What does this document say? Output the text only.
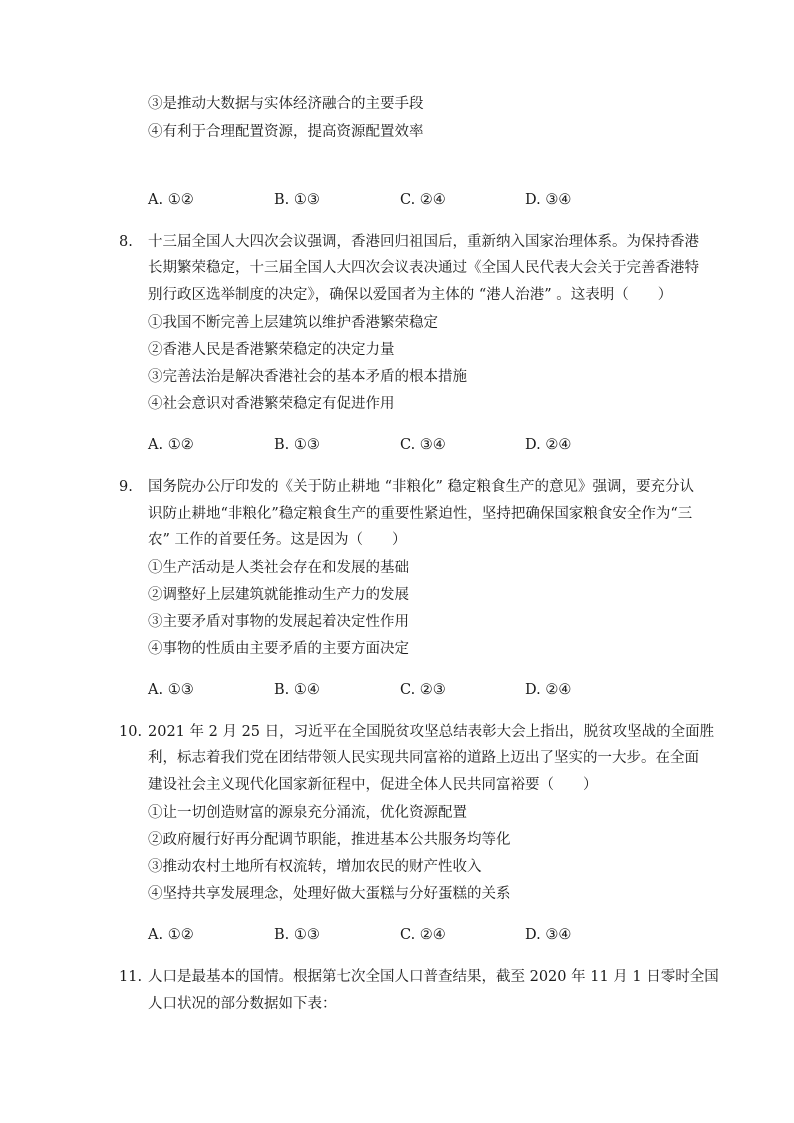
③是推动大数据与实体经济融合的主要手段
④有利于合理配置资源，提高资源配置效率
A. ①②	B. ①③	C. ②④	D. ③④
8. 十三届全国人大四次会议强调，香港回归祖国后，重新纳入国家治理体系。为保持香港
长期繁荣稳定，十三届全国人大四次会议表决通过《全国人民代表大会关于完善香港特
别行政区选举制度的决定》，确保以爱国者为主体的 “港人治港” 。这表明（　　）
①我国不断完善上层建筑以维护香港繁荣稳定
②香港人民是香港繁荣稳定的决定力量
③完善法治是解决香港社会的基本矛盾的根本措施
④社会意识对香港繁荣稳定有促进作用
A. ①②	B. ①③	C. ③④	D. ②④
9. 国务院办公厅印发的《关于防止耕地 “非粮化” 稳定粮食生产的意见》强调，要充分认
识防止耕地“非粮化”稳定粮食生产的重要性紧迫性，坚持把确保国家粮食安全作为“三
农” 工作的首要任务。这是因为（　　）
①生产活动是人类社会存在和发展的基础
②调整好上层建筑就能推动生产力的发展
③主要矛盾对事物的发展起着决定性作用
④事物的性质由主要矛盾的主要方面决定
A. ①③	B. ①④	C. ②③	D. ②④
10. 2021 年 2 月 25 日，习近平在全国脱贫攻坚总结表彰大会上指出，脱贫攻坚战的全面胜
利，标志着我们党在团结带领人民实现共同富裕的道路上迈出了坚实的一大步。在全面
建设社会主义现代化国家新征程中，促进全体人民共同富裕要（　　）
①让一切创造财富的源泉充分涌流，优化资源配置
②政府履行好再分配调节职能，推进基本公共服务均等化
③推动农村土地所有权流转，增加农民的财产性收入
④坚持共享发展理念，处理好做大蛋糕与分好蛋糕的关系
A. ①②	B. ①③	C. ②④	D. ③④
11. 人口是最基本的国情。根据第七次全国人口普查结果，截至 2020 年 11 月 1 日零时全国
人口状况的部分数据如下表：
